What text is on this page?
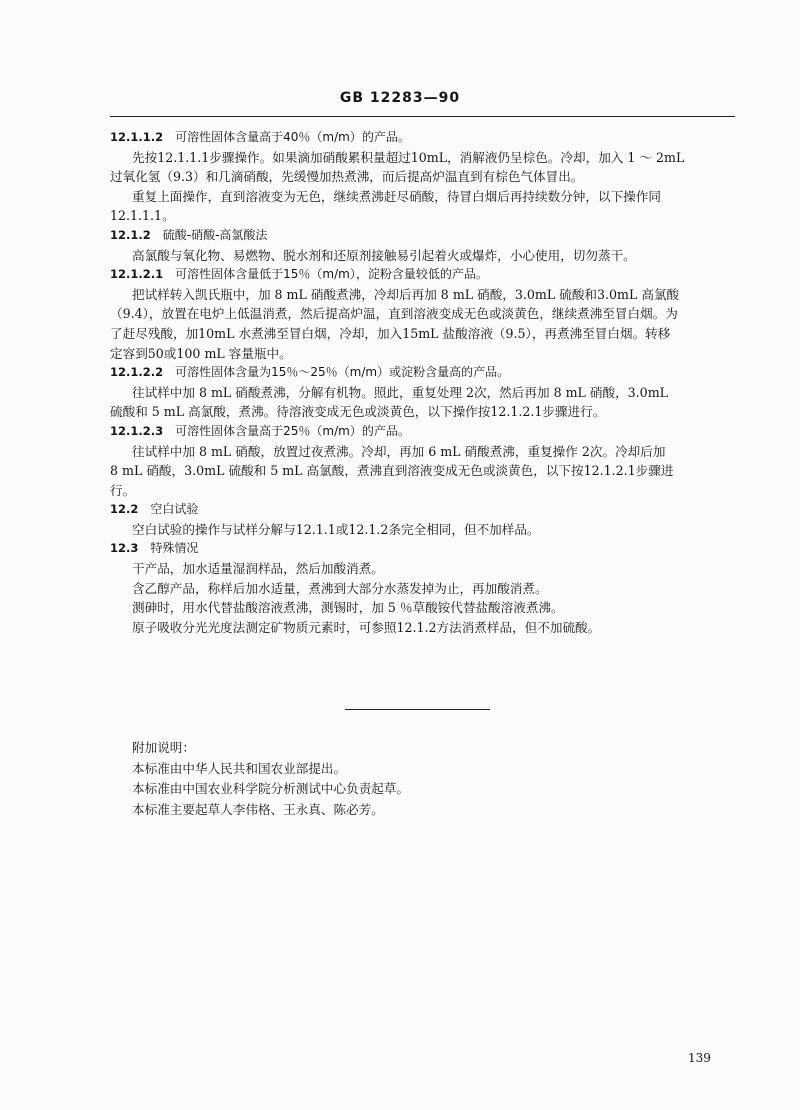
GB 12283—90
12.1.1.2 可溶性固体含量高于40％（m/m）的产品。
先按12.1.1.1步骤操作。如果滴加硝酸累积量超过10mL，消解液仍呈棕色。冷却，加入 1 ～ 2mL
过氧化氢（9.3）和几滴硝酸，先缓慢加热煮沸，而后提高炉温直到有棕色气体冒出。
重复上面操作，直到溶液变为无色，继续煮沸赶尽硝酸，待冒白烟后再持续数分钟，以下操作同
12.1.1.1。
12.1.2 硫酸-硝酸-高氯酸法
高氯酸与氧化物、易燃物、脱水剂和还原剂接触易引起着火或爆炸，小心使用，切勿蒸干。
12.1.2.1 可溶性固体含量低于15％（m/m），淀粉含量较低的产品。
把试样转入凯氏瓶中，加 8 mL 硝酸煮沸，冷却后再加 8 mL 硝酸，3.0mL 硫酸和3.0mL 高氯酸
（9.4），放置在电炉上低温消煮，然后提高炉温，直到溶液变成无色或淡黄色，继续煮沸至冒白烟。为
了赶尽残酸，加10mL 水煮沸至冒白烟，冷却，加入15mL 盐酸溶液（9.5），再煮沸至冒白烟。转移
定容到50或100 mL 容量瓶中。
12.1.2.2 可溶性固体含量为15％～25％（m/m）或淀粉含量高的产品。
往试样中加 8 mL 硝酸煮沸，分解有机物。照此，重复处理 2次，然后再加 8 mL 硝酸，3.0mL
硫酸和 5 mL 高氯酸，煮沸。待溶液变成无色或淡黄色，以下操作按12.1.2.1步骤进行。
12.1.2.3 可溶性固体含量高于25％（m/m）的产品。
往试样中加 8 mL 硝酸，放置过夜煮沸。冷却，再加 6 mL 硝酸煮沸，重复操作 2次。冷却后加
8 mL 硝酸，3.0mL 硫酸和 5 mL 高氯酸，煮沸直到溶液变成无色或淡黄色，以下按12.1.2.1步骤进
行。
12.2 空白试验
空白试验的操作与试样分解与12.1.1或12.1.2条完全相同，但不加样品。
12.3 特殊情况
干产品，加水适量湿润样品，然后加酸消煮。
含乙醇产品，称样后加水适量，煮沸到大部分水蒸发掉为止，再加酸消煮。
测砷时，用水代替盐酸溶液煮沸，测锡时，加 5 ％草酸铵代替盐酸溶液煮沸。
原子吸收分光光度法测定矿物质元素时，可参照12.1.2方法消煮样品，但不加硫酸。
附加说明：
本标准由中华人民共和国农业部提出。
本标准由中国农业科学院分析测试中心负责起草。
本标准主要起草人李伟格、王永真、陈必芳。
139
